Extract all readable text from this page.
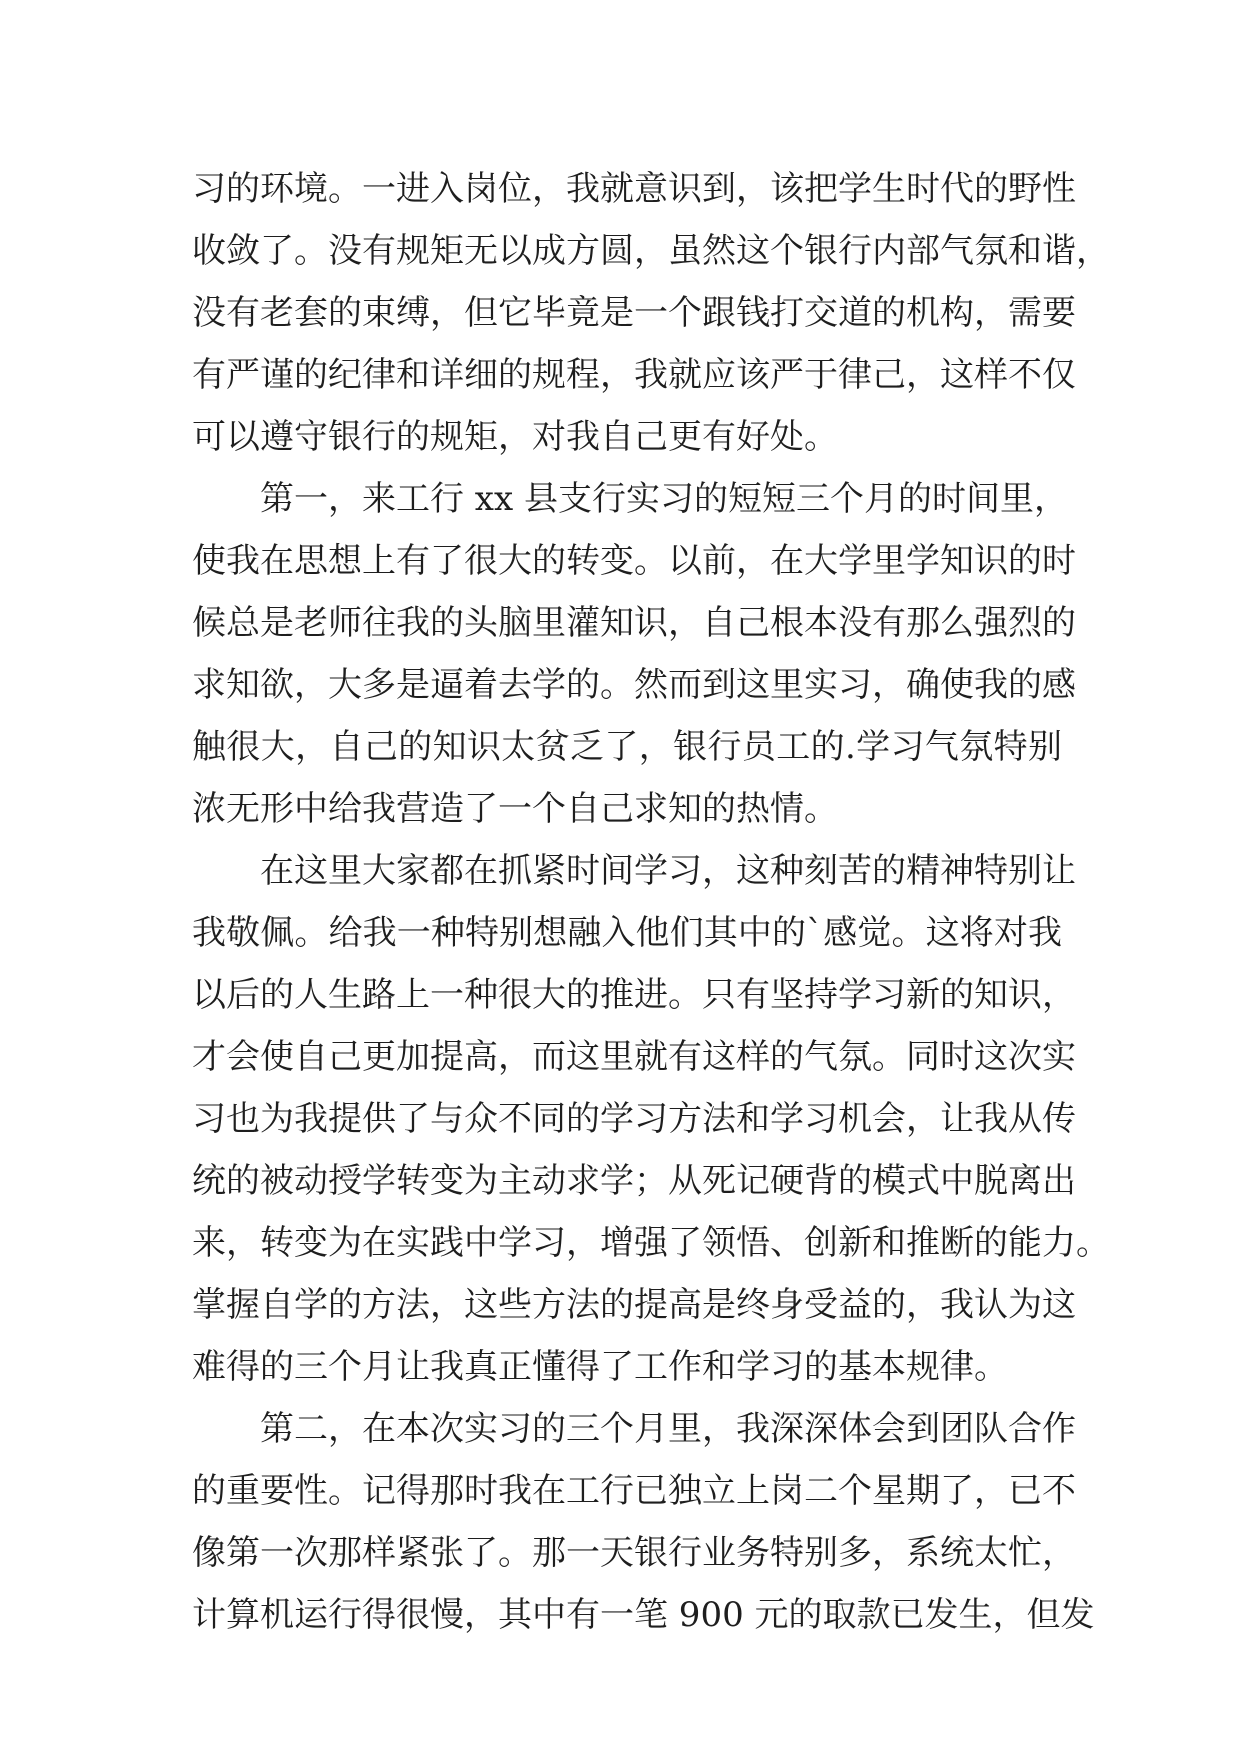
习的环境。一进入岗位，我就意识到，该把学生时代的野性
收敛了。没有规矩无以成方圆，虽然这个银行内部气氛和谐，
没有老套的束缚，但它毕竟是一个跟钱打交道的机构，需要
有严谨的纪律和详细的规程，我就应该严于律己，这样不仅
可以遵守银行的规矩，对我自己更有好处。
第一，来工行 xx 县支行实习的短短三个月的时间里，
使我在思想上有了很大的转变。以前，在大学里学知识的时
候总是老师往我的头脑里灌知识，自己根本没有那么强烈的
求知欲，大多是逼着去学的。然而到这里实习，确使我的感
触很大，自己的知识太贫乏了，银行员工的.学习气氛特别
浓无形中给我营造了一个自己求知的热情。
在这里大家都在抓紧时间学习，这种刻苦的精神特别让
我敬佩。给我一种特别想融入他们其中的`感觉。这将对我
以后的人生路上一种很大的推进。只有坚持学习新的知识，
才会使自己更加提高，而这里就有这样的气氛。同时这次实
习也为我提供了与众不同的学习方法和学习机会，让我从传
统的被动授学转变为主动求学；从死记硬背的模式中脱离出
来，转变为在实践中学习，增强了领悟、创新和推断的能力。
掌握自学的方法，这些方法的提高是终身受益的，我认为这
难得的三个月让我真正懂得了工作和学习的基本规律。
第二，在本次实习的三个月里，我深深体会到团队合作
的重要性。记得那时我在工行已独立上岗二个星期了，已不
像第一次那样紧张了。那一天银行业务特别多，系统太忙，
计算机运行得很慢，其中有一笔 900 元的取款已发生，但发
